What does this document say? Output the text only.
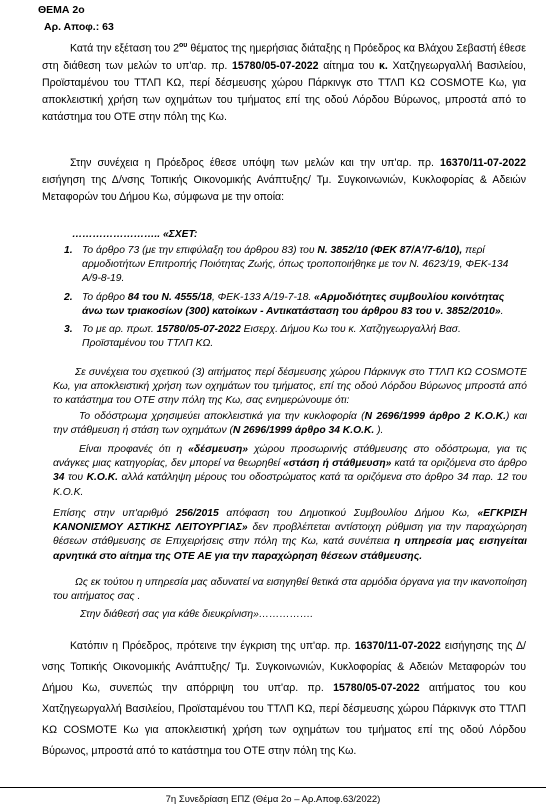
ΘΕΜΑ 2ο
Αρ. Αποφ.: 63

Κατά την εξέταση του $2^{o\upsilon}$ θέματος της ημερήσιας διάταξης η Πρόεδρος κα Βλάχου Σεβαστή έθεσε στη διάθεση των μελών το υπ'αρ. πρ. 15780/05-07-2022 αίτημα του κ. Χατζηγεωργαλλή Βασιλείου, Προϊσταμένου του ΤΤΛΠ ΚΩ, περί δέσμευσης χώρου Πάρκινγκ στο ΤΤΛΠ ΚΩ COSMOTE Κω, για αποκλειστική χρήση των οχημάτων του τμήματος επί της οδού Λόρδου Βύρωνος, μπροστά από το κατάστημα του ΟΤΕ στην πόλη της Κω.

Στην συνέχεια η Πρόεδρος έθεσε υπόψη των μελών και την υπ'αρ. πρ. 16370/11-07-2022 εισήγηση της Δ/νσης Τοπικής Οικονομικής Ανάπτυξης/ Τμ. Συγκοινωνιών, Κυκλοφορίας & Αδειών Μεταφορών του Δήμου Κω, σύμφωνα με την οποία:

…………………….. «ΣΧΕΤ:
1. Το άρθρο 73 (με την επιφύλαξη του άρθρου 83) του Ν. 3852/10 (ΦΕΚ 87/Α'/7-6/10), περί αρμοδιοτήτων Επιτροπής Ποιότητας Ζωής, όπως τροποποιήθηκε με τον Ν. 4623/19, ΦΕΚ-134 Α/9-8-19.
2. Το άρθρο 84 του Ν. 4555/18, ΦΕΚ-133 Α/19-7-18. «Αρμοδιότητες συμβουλίου κοινότητας άνω των τριακοσίων (300) κατοίκων - Αντικατάσταση του άρθρου 83 του ν. 3852/2010».
3. Το με αρ. πρωτ. 15780/05-07-2022 Εισερχ. Δήμου Κω του κ. Χατζηγεωργαλλή Βασ. Προϊσταμένου του ΤΤΛΠ ΚΩ.

Σε συνέχεια του σχετικού (3) αιτήματος περί δέσμευσης χώρου Πάρκινγκ στο ΤΤΛΠ ΚΩ COSMOTE Κω, για αποκλειστική χρήση των οχημάτων του τμήματος, επί της οδού Λόρδου Βύρωνος μπροστά από το κατάστημα του ΟΤΕ στην πόλη της Κω, σας ενημερώνουμε ότι:

Το οδόστρωμα χρησιμεύει αποκλειστικά για την κυκλοφορία (Ν 2696/1999 άρθρο 2 Κ.Ο.Κ.) και την στάθμευση ή στάση των οχημάτων (Ν 2696/1999 άρθρο 34 Κ.Ο.Κ. ).

Είναι προφανές ότι η «δέσμευση» χώρου προσωρινής στάθμευσης στο οδόστρωμα, για τις ανάγκες μιας κατηγορίας, δεν μπορεί να θεωρηθεί «στάση ή στάθμευση» κατά τα οριζόμενα στο άρθρο 34 του Κ.Ο.Κ. αλλά κατάληψη μέρους του οδοστρώματος κατά τα οριζόμενα στο άρθρο 34 παρ. 12 του Κ.Ο.Κ.

Επίσης στην υπ'αριθμό 256/2015 απόφαση του Δημοτικού Συμβουλίου Δήμου Κω, «ΕΓΚΡΙΣΗ ΚΑΝΟΝΙΣΜΟΥ ΑΣΤΙΚΗΣ ΛΕΙΤΟΥΡΓΙΑΣ» δεν προβλέπεται αντίστοιχη ρύθμιση για την παραχώρηση θέσεων στάθμευσης σε Επιχειρήσεις στην πόλη της Κω, κατά συνέπεια η υπηρεσία μας εισηγείται αρνητικά στο αίτημα της ΟΤΕ ΑΕ για την παραχώρηση θέσεων στάθμευσης.

Ως εκ τούτου η υπηρεσία μας αδυνατεί να εισηγηθεί θετικά στα αρμόδια όργανα για την ικανοποίηση του αιτήματος σας .

Στην διάθεσή σας για κάθε διευκρίνιση»…………….

Κατόπιν η Πρόεδρος, πρότεινε την έγκριση της υπ'αρ. πρ. 16370/11-07-2022 εισήγησης της Δ/νσης Τοπικής Οικονομικής Ανάπτυξης/ Τμ. Συγκοινωνιών, Κυκλοφορίας & Αδειών Μεταφορών του Δήμου Κω, συνεπώς την απόρριψη του υπ'αρ. πρ. 15780/05-07-2022 αιτήματος του κου Χατζηγεωργαλλή Βασιλείου, Προϊσταμένου του ΤΤΛΠ ΚΩ, περί δέσμευσης χώρου Πάρκινγκ στο ΤΤΛΠ ΚΩ COSMOTE Κω για αποκλειστική χρήση των οχημάτων του τμήματος επί της οδού Λόρδου Βύρωνος, μπροστά από το κατάστημα του ΟΤΕ στην πόλη της Κω.

7η Συνεδρίαση ΕΠΖ (Θέμα 2ο – Αρ.Αποφ.63/2022)
